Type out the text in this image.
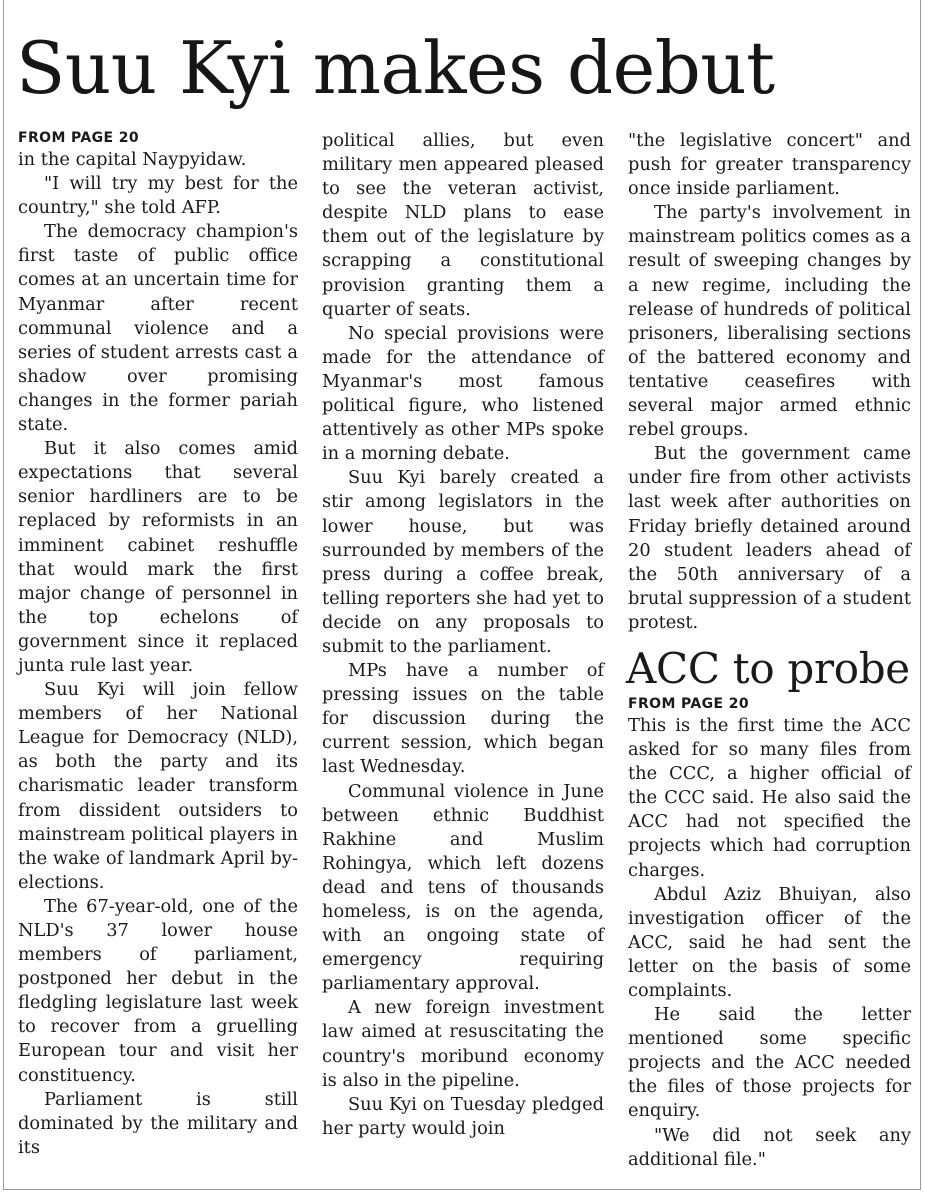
Suu Kyi makes debut
FROM PAGE 20

in the capital Naypyidaw.

"I will try my best for the country," she told AFP.

The democracy champion's first taste of public office comes at an uncertain time for Myanmar after recent communal violence and a series of student arrests cast a shadow over promising changes in the former pariah state.

But it also comes amid expectations that several senior hardliners are to be replaced by reformists in an imminent cabinet reshuffle that would mark the first major change of personnel in the top echelons of government since it replaced junta rule last year.

Suu Kyi will join fellow members of her National League for Democracy (NLD), as both the party and its charismatic leader transform from dissident outsiders to mainstream political players in the wake of landmark April by-elections.

The 67-year-old, one of the NLD's 37 lower house members of parliament, postponed her debut in the fledgling legislature last week to recover from a gruelling European tour and visit her constituency.

Parliament is still dominated by the military and its

political allies, but even military men appeared pleased to see the veteran activist, despite NLD plans to ease them out of the legislature by scrapping a constitutional provision granting them a quarter of seats.

No special provisions were made for the attendance of Myanmar's most famous political figure, who listened attentively as other MPs spoke in a morning debate.

Suu Kyi barely created a stir among legislators in the lower house, but was surrounded by members of the press during a coffee break, telling reporters she had yet to decide on any proposals to submit to the parliament.

MPs have a number of pressing issues on the table for discussion during the current session, which began last Wednesday.

Communal violence in June between ethnic Buddhist Rakhine and Muslim Rohingya, which left dozens dead and tens of thousands homeless, is on the agenda, with an ongoing state of emergency requiring parliamentary approval.

A new foreign investment law aimed at resuscitating the country's moribund economy is also in the pipeline.

Suu Kyi on Tuesday pledged her party would join

"the legislative concert" and push for greater transparency once inside parliament.

The party's involvement in mainstream politics comes as a result of sweeping changes by a new regime, including the release of hundreds of political prisoners, liberalising sections of the battered economy and tentative ceasefires with several major armed ethnic rebel groups.

But the government came under fire from other activists last week after authorities on Friday briefly detained around 20 student leaders ahead of the 50th anniversary of a brutal suppression of a student protest.

ACC to probe
FROM PAGE 20

This is the first time the ACC asked for so many files from the CCC, a higher official of the CCC said. He also said the ACC had not specified the projects which had corruption charges.

Abdul Aziz Bhuiyan, also investigation officer of the ACC, said he had sent the letter on the basis of some complaints.

He said the letter mentioned some specific projects and the ACC needed the files of those projects for enquiry.

"We did not seek any additional file."
